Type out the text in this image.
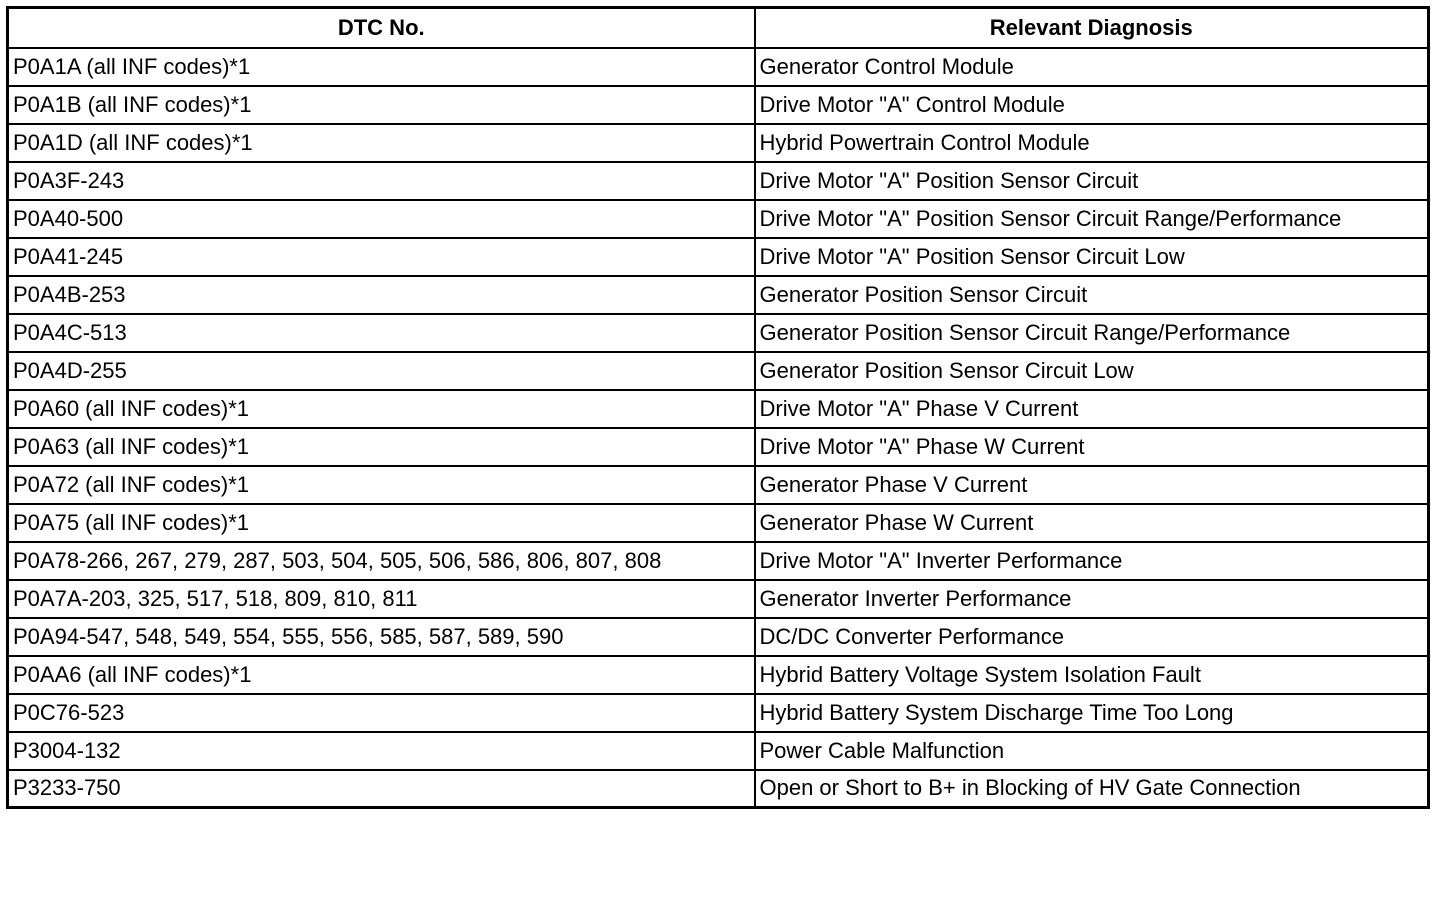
DTC No.	Relevant Diagnosis
P0A1A (all INF codes)*1	Generator Control Module
P0A1B (all INF codes)*1	Drive Motor "A" Control Module
P0A1D (all INF codes)*1	Hybrid Powertrain Control Module
P0A3F-243	Drive Motor "A" Position Sensor Circuit
P0A40-500	Drive Motor "A" Position Sensor Circuit Range/Performance
P0A41-245	Drive Motor "A" Position Sensor Circuit Low
P0A4B-253	Generator Position Sensor Circuit
P0A4C-513	Generator Position Sensor Circuit Range/Performance
P0A4D-255	Generator Position Sensor Circuit Low
P0A60 (all INF codes)*1	Drive Motor "A" Phase V Current
P0A63 (all INF codes)*1	Drive Motor "A" Phase W Current
P0A72 (all INF codes)*1	Generator Phase V Current
P0A75 (all INF codes)*1	Generator Phase W Current
P0A78-266, 267, 279, 287, 503, 504, 505, 506, 586, 806, 807, 808	Drive Motor "A" Inverter Performance
P0A7A-203, 325, 517, 518, 809, 810, 811	Generator Inverter Performance
P0A94-547, 548, 549, 554, 555, 556, 585, 587, 589, 590	DC/DC Converter Performance
P0AA6 (all INF codes)*1	Hybrid Battery Voltage System Isolation Fault
P0C76-523	Hybrid Battery System Discharge Time Too Long
P3004-132	Power Cable Malfunction
P3233-750	Open or Short to B+ in Blocking of HV Gate Connection
